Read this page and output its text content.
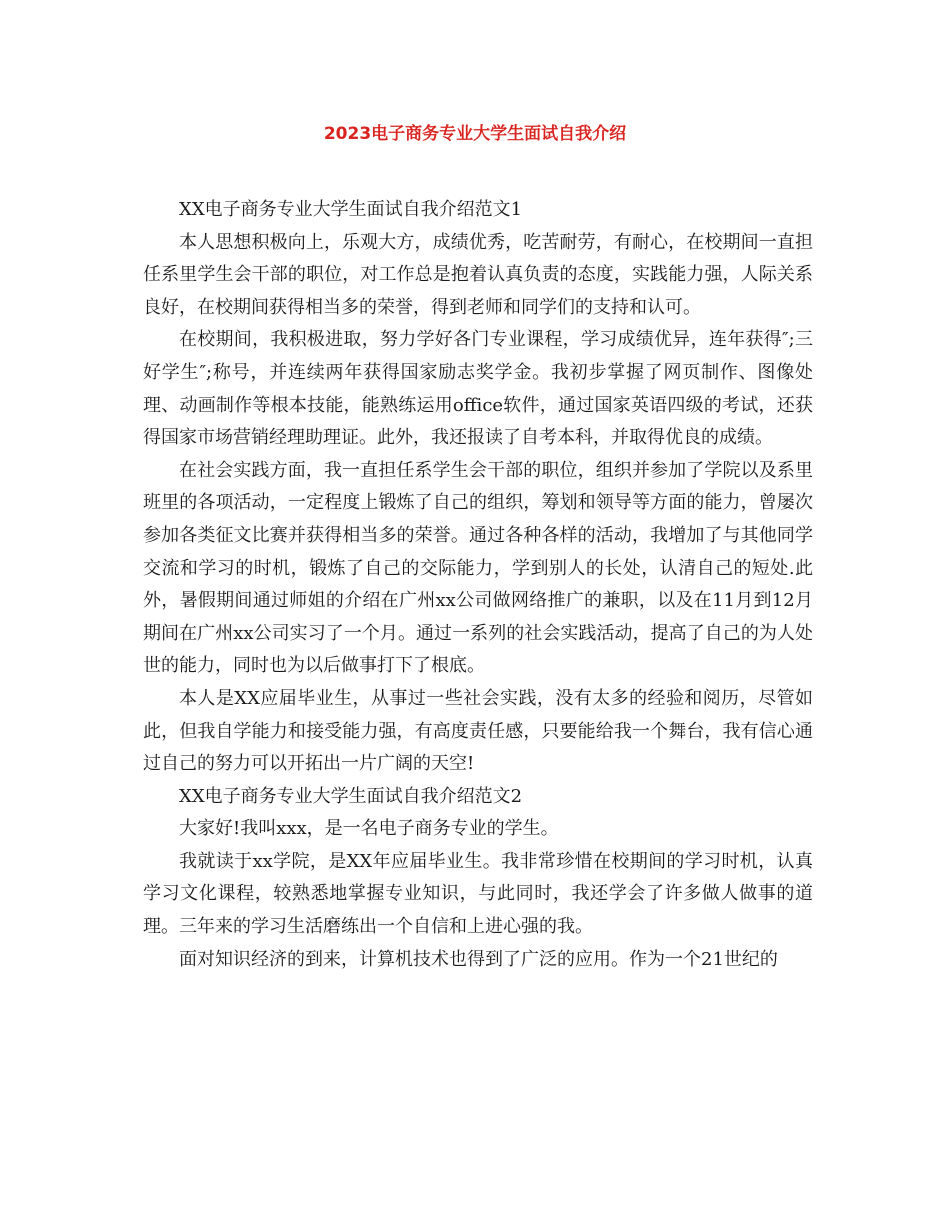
2023电子商务专业大学生面试自我介绍

XX电子商务专业大学生面试自我介绍范文1

本人思想积极向上，乐观大方，成绩优秀，吃苦耐劳，有耐心，在校期间一直担任系里学生会干部的职位，对工作总是抱着认真负责的态度，实践能力强，人际关系良好，在校期间获得相当多的荣誉，得到老师和同学们的支持和认可。

在校期间，我积极进取，努力学好各门专业课程，学习成绩优异，连年获得″;三好学生″;称号，并连续两年获得国家励志奖学金。我初步掌握了网页制作、图像处理、动画制作等根本技能，能熟练运用office软件，通过国家英语四级的考试，还获得国家市场营销经理助理证。此外，我还报读了自考本科，并取得优良的成绩。

在社会实践方面，我一直担任系学生会干部的职位，组织并参加了学院以及系里班里的各项活动，一定程度上锻炼了自己的组织，筹划和领导等方面的能力，曾屡次参加各类征文比赛并获得相当多的荣誉。通过各种各样的活动，我增加了与其他同学交流和学习的时机，锻炼了自己的交际能力，学到别人的长处，认清自己的短处.此外，暑假期间通过师姐的介绍在广州xx公司做网络推广的兼职，以及在11月到12月期间在广州xx公司实习了一个月。通过一系列的社会实践活动，提高了自己的为人处世的能力，同时也为以后做事打下了根底。

本人是XX应届毕业生，从事过一些社会实践，没有太多的经验和阅历，尽管如此，但我自学能力和接受能力强，有高度责任感，只要能给我一个舞台，我有信心通过自己的努力可以开拓出一片广阔的天空!

XX电子商务专业大学生面试自我介绍范文2

大家好!我叫xxx，是一名电子商务专业的学生。

我就读于xx学院，是XX年应届毕业生。我非常珍惜在校期间的学习时机，认真学习文化课程，较熟悉地掌握专业知识，与此同时，我还学会了许多做人做事的道理。三年来的学习生活磨练出一个自信和上进心强的我。

面对知识经济的到来，计算机技术也得到了广泛的应用。作为一个21世纪的
